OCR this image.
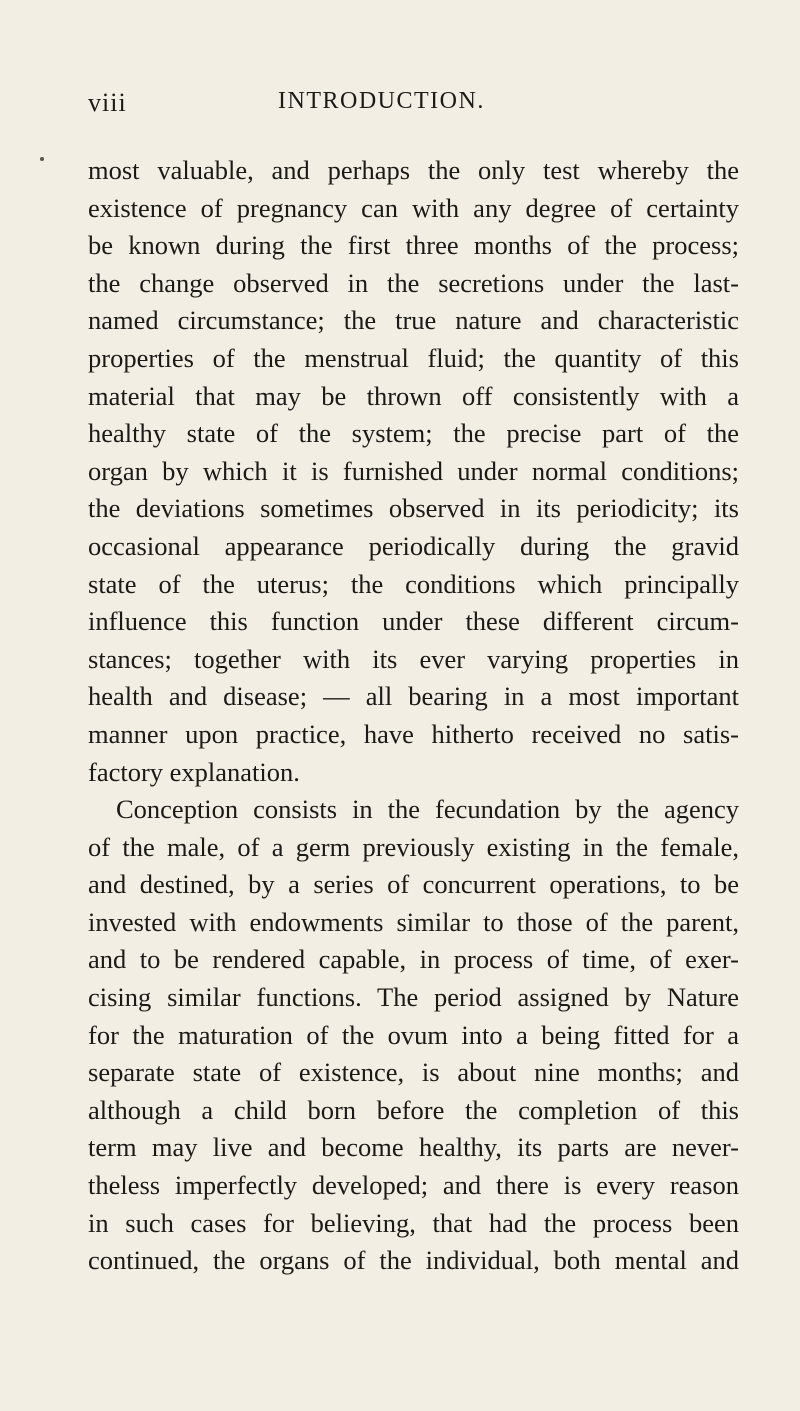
viii	INTRODUCTION.
most valuable, and perhaps the only test whereby the
existence of pregnancy can with any degree of certainty
be known during the first three months of the process;
the change observed in the secretions under the last-
named circumstance; the true nature and characteristic
properties of the menstrual fluid; the quantity of this
material that may be thrown off consistently with a
healthy state of the system; the precise part of the
organ by which it is furnished under normal conditions;
the deviations sometimes observed in its periodicity; its
occasional appearance periodically during the gravid
state of the uterus; the conditions which principally
influence this function under these different circum-
stances; together with its ever varying properties in
health and disease; — all bearing in a most important
manner upon practice, have hitherto received no satis-
factory explanation.
Conception consists in the fecundation by the agency
of the male, of a germ previously existing in the female,
and destined, by a series of concurrent operations, to be
invested with endowments similar to those of the parent,
and to be rendered capable, in process of time, of exer-
cising similar functions. The period assigned by Nature
for the maturation of the ovum into a being fitted for a
separate state of existence, is about nine months; and
although a child born before the completion of this
term may live and become healthy, its parts are never-
theless imperfectly developed; and there is every reason
in such cases for believing, that had the process been
continued, the organs of the individual, both mental and
